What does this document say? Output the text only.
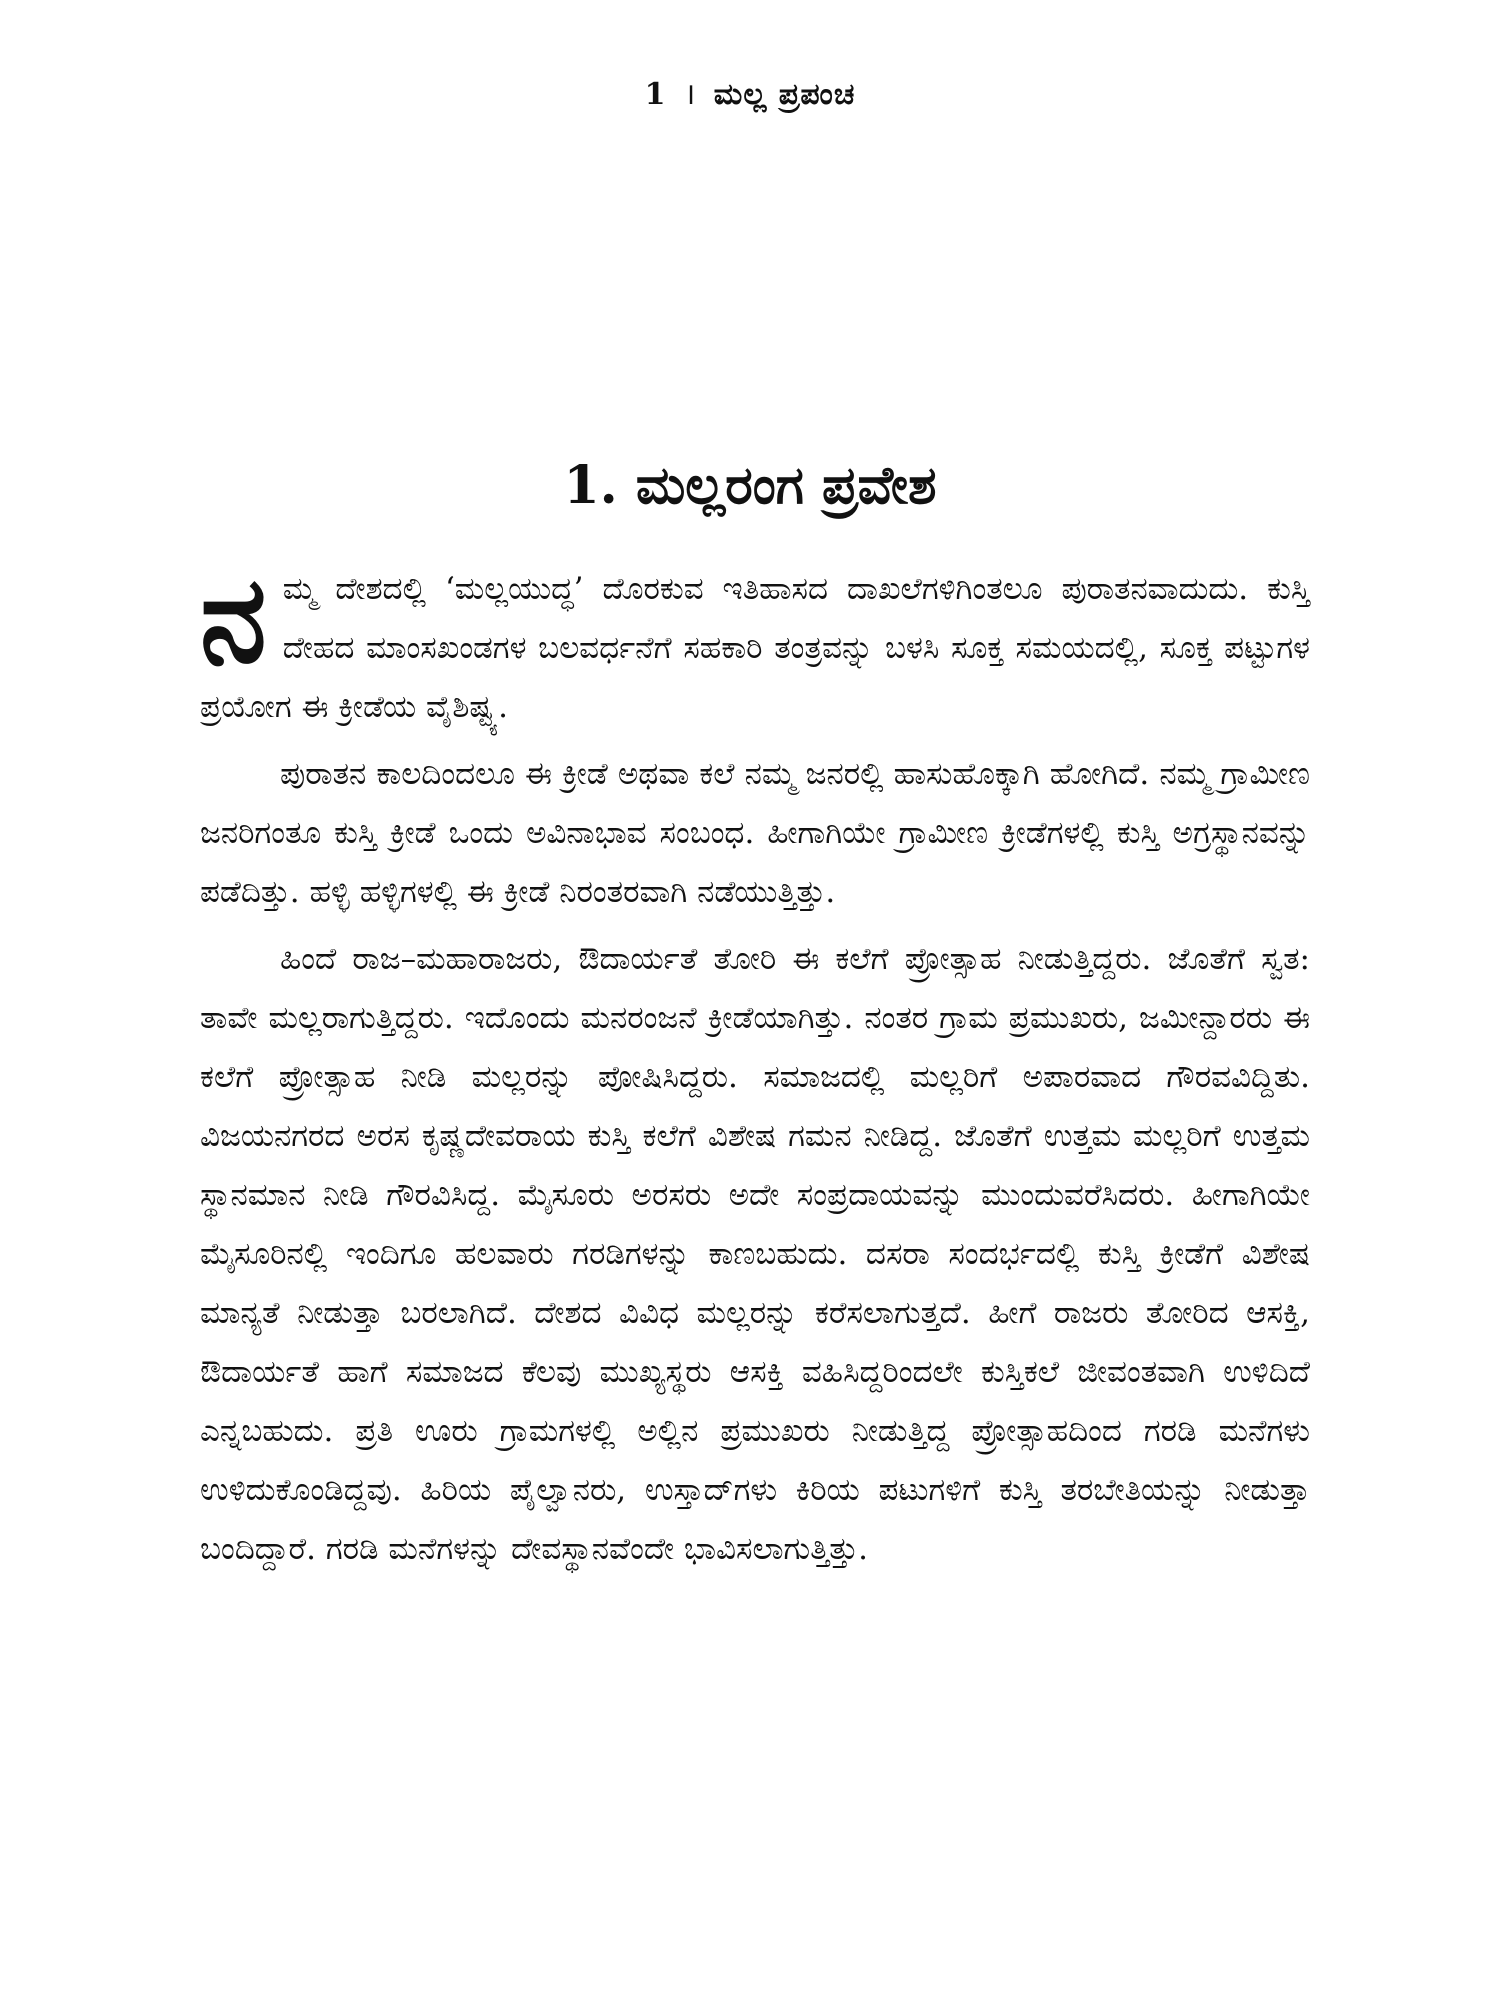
1 । ಮಲ್ಲ ಪ್ರಪಂಚ
1. ಮಲ್ಲರಂಗ ಪ್ರವೇಶ

ನ ಮ್ಮ ದೇಶದಲ್ಲಿ ‘ಮಲ್ಲಯುದ್ಧ’ ದೊರಕುವ ಇತಿಹಾಸದ ದಾಖಲೆಗಳಿಗಿಂತಲೂ ಪುರಾತನವಾದುದು. ಕುಸ್ತಿ ದೇಹದ ಮಾಂಸಖಂಡಗಳ ಬಲವರ್ಧನೆಗೆ ಸಹಕಾರಿ ತಂತ್ರವನ್ನು ಬಳಸಿ ಸೂಕ್ತ ಸಮಯದಲ್ಲಿ, ಸೂಕ್ತ ಪಟ್ಟುಗಳ ಪ್ರಯೋಗ ಈ ಕ್ರೀಡೆಯ ವೈಶಿಷ್ಟ್ಯ.

ಪುರಾತನ ಕಾಲದಿಂದಲೂ ಈ ಕ್ರೀಡೆ ಅಥವಾ ಕಲೆ ನಮ್ಮ ಜನರಲ್ಲಿ ಹಾಸುಹೊಕ್ಕಾಗಿ ಹೋಗಿದೆ. ನಮ್ಮ ಗ್ರಾಮೀಣ ಜನರಿಗಂತೂ ಕುಸ್ತಿ ಕ್ರೀಡೆ ಒಂದು ಅವಿನಾಭಾವ ಸಂಬಂಧ. ಹೀಗಾಗಿಯೇ ಗ್ರಾಮೀಣ ಕ್ರೀಡೆಗಳಲ್ಲಿ ಕುಸ್ತಿ ಅಗ್ರಸ್ಥಾನವನ್ನು ಪಡೆದಿತ್ತು. ಹಳ್ಳಿ ಹಳ್ಳಿಗಳಲ್ಲಿ ಈ ಕ್ರೀಡೆ ನಿರಂತರವಾಗಿ ನಡೆಯುತ್ತಿತ್ತು.

ಹಿಂದೆ ರಾಜ–ಮಹಾರಾಜರು, ಔದಾರ್ಯತೆ ತೋರಿ ಈ ಕಲೆಗೆ ಪ್ರೋತ್ಸಾಹ ನೀಡುತ್ತಿದ್ದರು. ಜೊತೆಗೆ ಸ್ವತ: ತಾವೇ ಮಲ್ಲರಾಗುತ್ತಿದ್ದರು. ಇದೊಂದು ಮನರಂಜನೆ ಕ್ರೀಡೆಯಾಗಿತ್ತು. ನಂತರ ಗ್ರಾಮ ಪ್ರಮುಖರು, ಜಮೀನ್ದಾರರು ಈ ಕಲೆಗೆ ಪ್ರೋತ್ಸಾಹ ನೀಡಿ ಮಲ್ಲರನ್ನು ಪೋಷಿಸಿದ್ದರು. ಸಮಾಜದಲ್ಲಿ ಮಲ್ಲರಿಗೆ ಅಪಾರವಾದ ಗೌರವವಿದ್ದಿತು. ವಿಜಯನಗರದ ಅರಸ ಕೃಷ್ಣದೇವರಾಯ ಕುಸ್ತಿ ಕಲೆಗೆ ವಿಶೇಷ ಗಮನ ನೀಡಿದ್ದ. ಜೊತೆಗೆ ಉತ್ತಮ ಮಲ್ಲರಿಗೆ ಉತ್ತಮ ಸ್ಥಾನಮಾನ ನೀಡಿ ಗೌರವಿಸಿದ್ದ. ಮೈಸೂರು ಅರಸರು ಅದೇ ಸಂಪ್ರದಾಯವನ್ನು ಮುಂದುವರೆಸಿದರು. ಹೀಗಾಗಿಯೇ ಮೈಸೂರಿನಲ್ಲಿ ಇಂದಿಗೂ ಹಲವಾರು ಗರಡಿಗಳನ್ನು ಕಾಣಬಹುದು. ದಸರಾ ಸಂದರ್ಭದಲ್ಲಿ ಕುಸ್ತಿ ಕ್ರೀಡೆಗೆ ವಿಶೇಷ ಮಾನ್ಯತೆ ನೀಡುತ್ತಾ ಬರಲಾಗಿದೆ. ದೇಶದ ವಿವಿಧ ಮಲ್ಲರನ್ನು ಕರೆಸಲಾಗುತ್ತದೆ. ಹೀಗೆ ರಾಜರು ತೋರಿದ ಆಸಕ್ತಿ, ಔದಾರ್ಯತೆ ಹಾಗೆ ಸಮಾಜದ ಕೆಲವು ಮುಖ್ಯಸ್ಥರು ಆಸಕ್ತಿ ವಹಿಸಿದ್ದರಿಂದಲೇ ಕುಸ್ತಿಕಲೆ ಜೀವಂತವಾಗಿ ಉಳಿದಿದೆ ಎನ್ನಬಹುದು. ಪ್ರತಿ ಊರು ಗ್ರಾಮಗಳಲ್ಲಿ ಅಲ್ಲಿನ ಪ್ರಮುಖರು ನೀಡುತ್ತಿದ್ದ ಪ್ರೋತ್ಸಾಹದಿಂದ ಗರಡಿ ಮನೆಗಳು ಉಳಿದುಕೊಂಡಿದ್ದವು. ಹಿರಿಯ ಪೈಲ್ವಾನರು, ಉಸ್ತಾದ್‌ಗಳು ಕಿರಿಯ ಪಟುಗಳಿಗೆ ಕುಸ್ತಿ ತರಬೇತಿಯನ್ನು ನೀಡುತ್ತಾ ಬಂದಿದ್ದಾರೆ. ಗರಡಿ ಮನೆಗಳನ್ನು ದೇವಸ್ಥಾನವೆಂದೇ ಭಾವಿಸಲಾಗುತ್ತಿತ್ತು.
